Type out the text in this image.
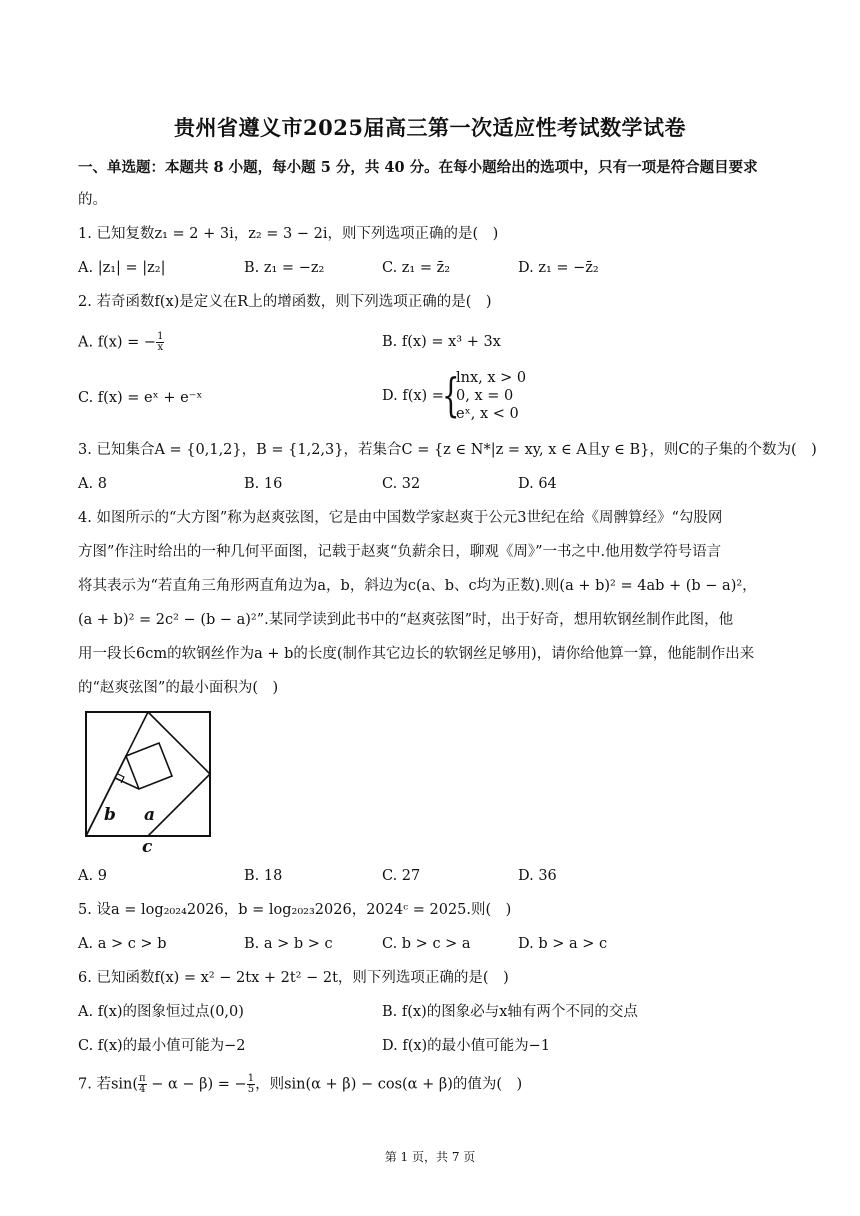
贵州省遵义市2025届高三第一次适应性考试数学试卷
一、单选题：本题共 8 小题，每小题 5 分，共 40 分。在每小题给出的选项中，只有一项是符合题目要求
的。
1. 已知复数z₁ = 2 + 3i，z₂ = 3 − 2i，则下列选项正确的是(　)
A. |z₁| = |z₂|	B. z₁ = −z₂	C. z₁ = z̄₂	D. z₁ = −z̄₂
2. 若奇函数f(x)是定义在R上的增函数，则下列选项正确的是(　)
A. f(x) = − $\frac{1}{x}$	B. f(x) = x³ + 3x
C. f(x) = eˣ + e⁻ˣ	D. f(x) =
{
lnx, x > 0
0, x = 0
eˣ, x < 0
3. 已知集合A = {0,1,2}，B = {1,2,3}，若集合C = {z ∈ N*|z = xy, x ∈ A且y ∈ B}，则C的子集的个数为(　)
A. 8	B. 16	C. 32	D. 64
4. 如图所示的“大方图”称为赵爽弦图，它是由中国数学家赵爽于公元3世纪在给《周髀算经》“勾股网
方图”作注时给出的一种几何平面图，记载于赵爽“负薪余日，聊观《周》”一书之中.他用数学符号语言
将其表示为“若直角三角形两直角边为a，b，斜边为c(a、b、c均为正数).则(a + b)² = 4ab + (b − a)²，
(a + b)² = 2c² − (b − a)²”.某同学读到此书中的“赵爽弦图”时，出于好奇，想用软钢丝制作此图，他
用一段长6cm的软钢丝作为a + b的长度(制作其它边长的软钢丝足够用)，请你给他算一算，他能制作出来
的“赵爽弦图”的最小面积为(　)
b a
c
A. 9	B. 18	C. 27	D. 36
5. 设a = log₂₀₂₄2026，b = log₂₀₂₃2026，2024ᶜ = 2025.则(　)
A. a > c > b	B. a > b > c	C. b > c > a	D. b > a > c
6. 已知函数f(x) = x² − 2tx + 2t² − 2t，则下列选项正确的是(　)
A. f(x)的图象恒过点(0,0)	B. f(x)的图象必与x轴有两个不同的交点
C. f(x)的最小值可能为−2	D. f(x)的最小值可能为−1
7. 若$\sin( \frac{\pi}{4} - \alpha - \beta)$ = − $\frac{1}{5}$ ，则sin(α + β) − cos(α + β)的值为(　)
第 1 页，共 7 页
